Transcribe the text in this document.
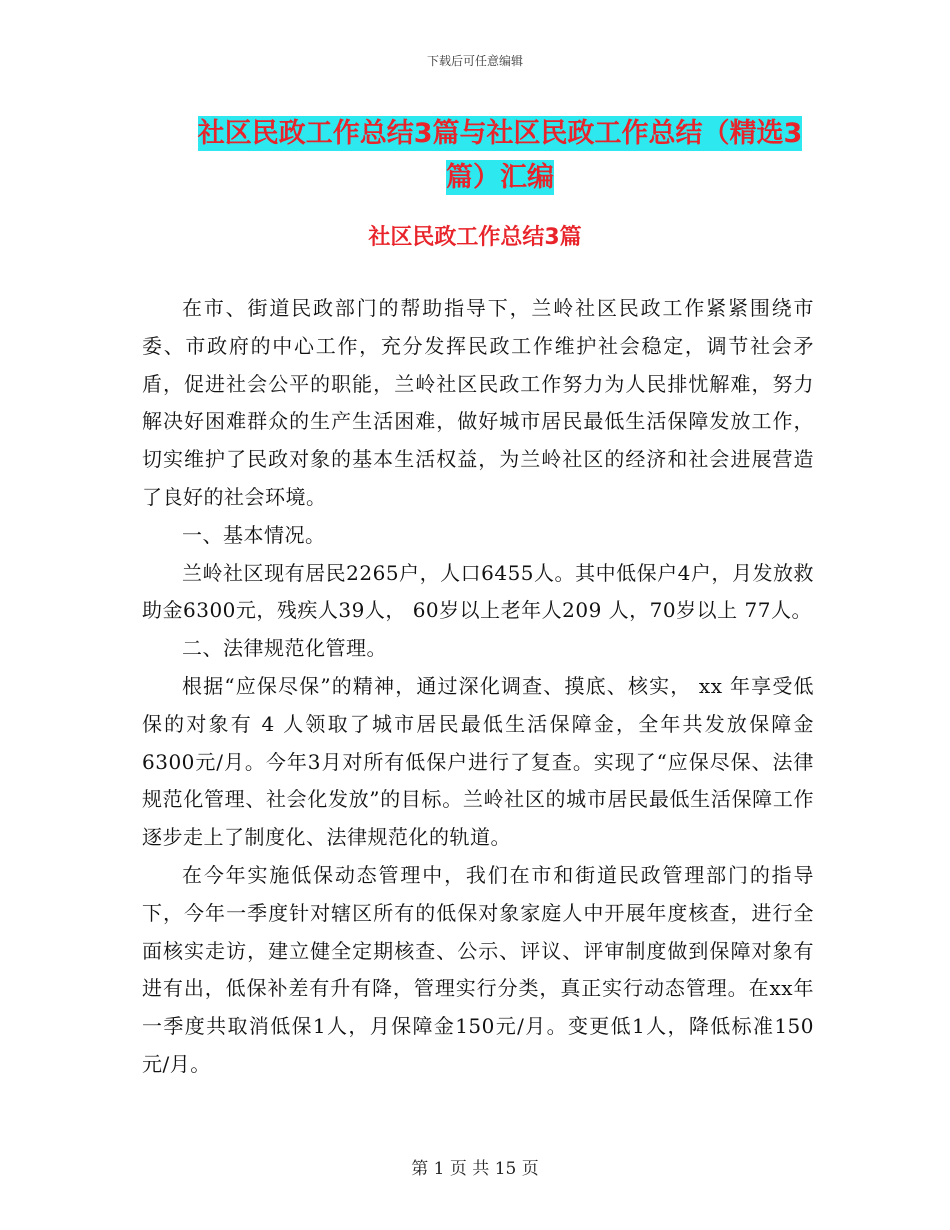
下载后可任意编辑
社区民政工作总结3篇与社区民政工作总结（精选3篇）汇编
社区民政工作总结3篇

在市、街道民政部门的帮助指导下，兰岭社区民政工作紧紧围绕市委、市政府的中心工作，充分发挥民政工作维护社会稳定，调节社会矛盾，促进社会公平的职能，兰岭社区民政工作努力为人民排忧解难，努力解决好困难群众的生产生活困难，做好城市居民最低生活保障发放工作，切实维护了民政对象的基本生活权益，为兰岭社区的经济和社会进展营造了良好的社会环境。

一、基本情况。

兰岭社区现有居民2265户，人口6455人。其中低保户4户，月发放救助金6300元，残疾人39人， 60岁以上老年人209 人，70岁以上 77人。

二、法律规范化管理。

根据“应保尽保”的精神，通过深化调查、摸底、核实， xx 年享受低保的对象有 4 人领取了城市居民最低生活保障金，全年共发放保障金 6300元/月。今年3月对所有低保户进行了复查。实现了“应保尽保、法律规范化管理、社会化发放”的目标。兰岭社区的城市居民最低生活保障工作逐步走上了制度化、法律规范化的轨道。

在今年实施低保动态管理中，我们在市和街道民政管理部门的指导下，今年一季度针对辖区所有的低保对象家庭人中开展年度核查，进行全面核实走访，建立健全定期核查、公示、评议、评审制度做到保障对象有进有出，低保补差有升有降，管理实行分类，真正实行动态管理。在xx年一季度共取消低保1人，月保障金150元/月。变更低1人，降低标准150元/月。

第 1 页 共 15 页
